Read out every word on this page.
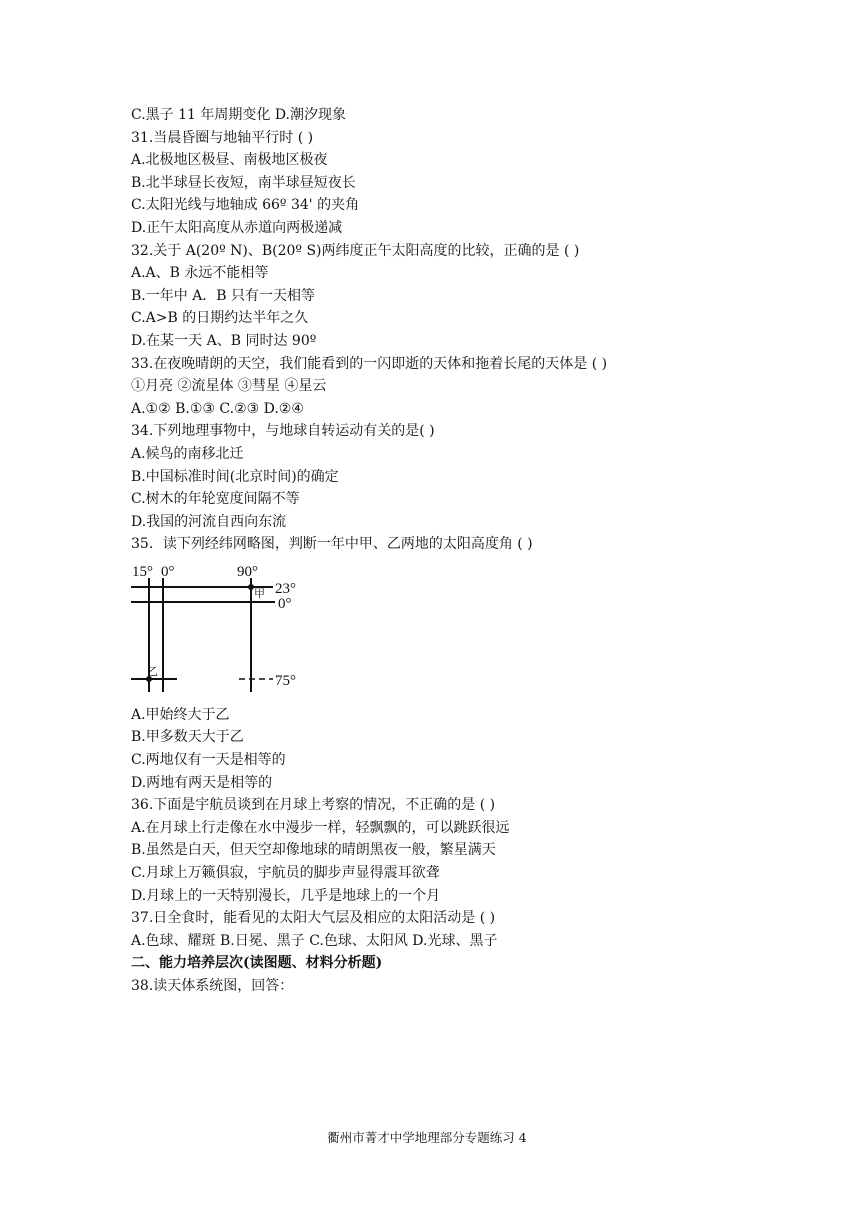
C.黑子 11 年周期变化 D.潮汐现象
31.当晨昏圈与地轴平行时 ( )
A.北极地区极昼、南极地区极夜
B.北半球昼长夜短，南半球昼短夜长
C.太阳光线与地轴成 66º 34' 的夹角
D.正午太阳高度从赤道向两极递减
32.关于 A(20º N)、B(20º S)两纬度正午太阳高度的比较，正确的是 ( )
A.A、B 永远不能相等
B.一年中 A．B 只有一天相等
C.A>B 的日期约达半年之久
D.在某一天 A、B 同时达 90º
33.在夜晚晴朗的天空，我们能看到的一闪即逝的天体和拖着长尾的天体是 ( )
①月亮 ②流星体 ③彗星 ④星云
A.①② B.①③ C.②③ D.②④
34.下列地理事物中，与地球自转运动有关的是( )
A.候鸟的南移北迁
B.中国标准时间(北京时间)的确定
C.树木的年轮宽度间隔不等
D.我国的河流自西向东流
35．读下列经纬网略图，判断一年中甲、乙两地的太阳高度角 ( )
15° 0°	90°
23°
0°
75°
甲
乙
A.甲始终大于乙
B.甲多数天大于乙
C.两地仅有一天是相等的
D.两地有两天是相等的
36.下面是宇航员谈到在月球上考察的情况，不正确的是 ( )
A.在月球上行走像在水中漫步一样，轻飘飘的，可以跳跃很远
B.虽然是白天，但天空却像地球的晴朗黑夜一般，繁星满天
C.月球上万籁俱寂，宇航员的脚步声显得震耳欲聋
D.月球上的一天特别漫长，几乎是地球上的一个月
37.日全食时，能看见的太阳大气层及相应的太阳活动是 ( )
A.色球、耀斑 B.日冕、黑子 C.色球、太阳风 D.光球、黑子
二、能力培养层次(读图题、材料分析题)
38.读天体系统图，回答：
衢州市菁才中学地理部分专题练习 4
